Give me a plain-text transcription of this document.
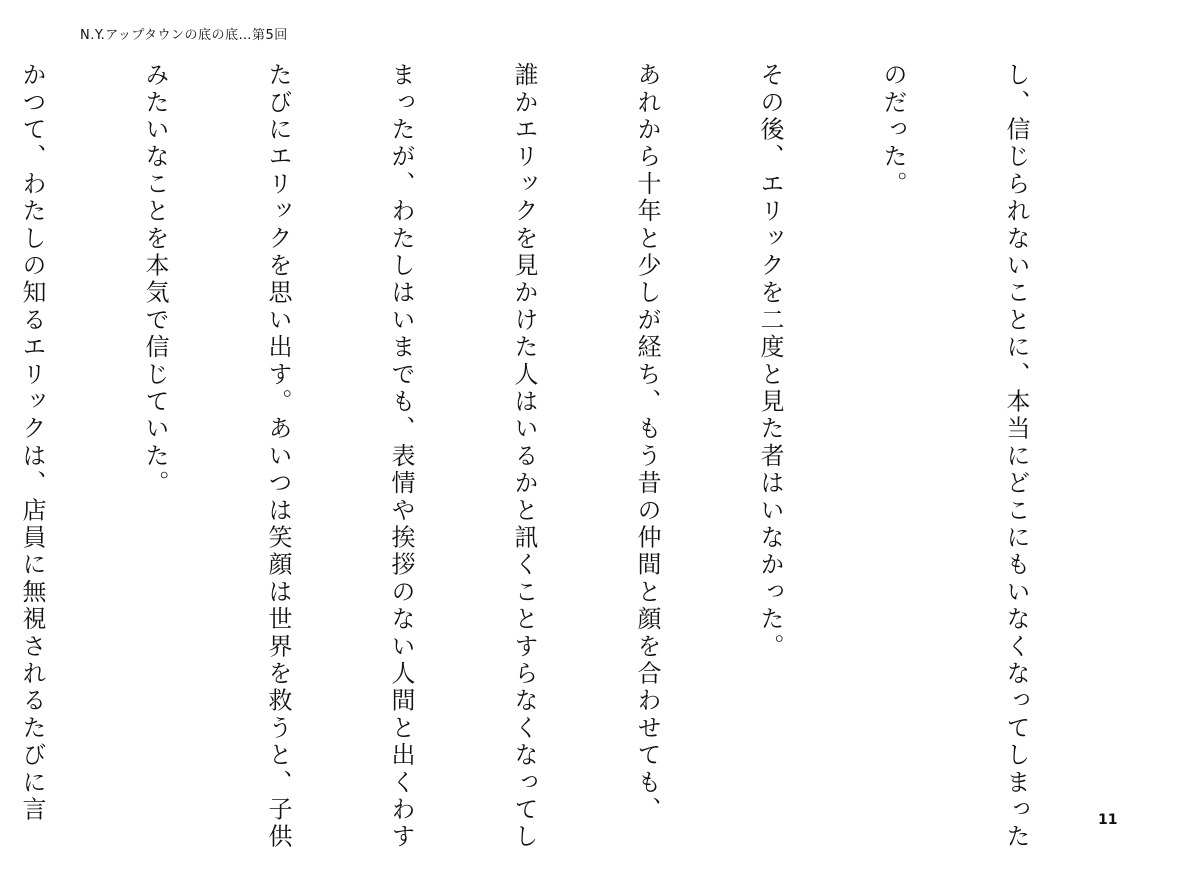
N.Y.アップタウンの底の底…第5回

し、信じられないことに、本当にどこにもいなくなってしまった

のだった。

その後、エリックを二度と見た者はいなかった。

あれから十年と少しが経ち、もう昔の仲間と顔を合わせても、

誰かエリックを見かけた人はいるかと訊くことすらなくなってし

まったが、わたしはいまでも、表情や挨拶のない人間と出くわす

たびにエリックを思い出す。あいつは笑顔は世界を救うと、子供

みたいなことを本気で信じていた。

かつて、わたしの知るエリックは、店員に無視されるたびに言

	11
